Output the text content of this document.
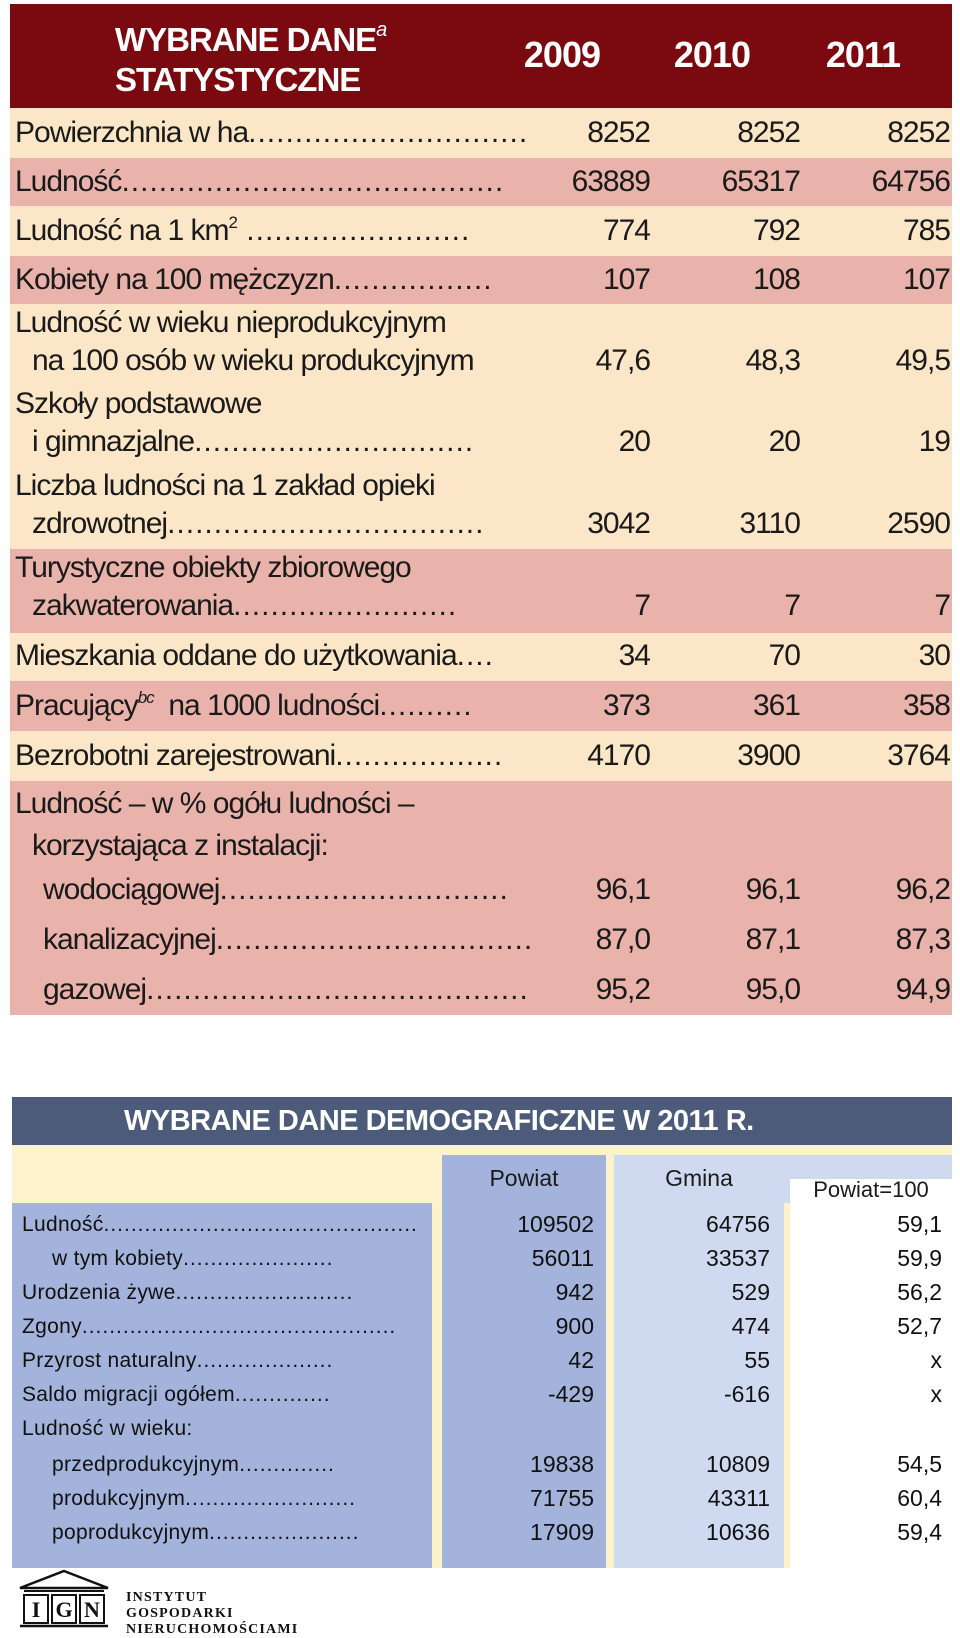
WYBRANE DANE$^a$
STATYSTYCZNE
2009	2010	2011
Powierzchnia w ha..............................	8252	8252	8252
Ludność.........................................	63889	65317	64756
Ludność na 1 $km^2$ ........................	774	792	785
Kobiety na 100 mężczyzn.................	107	108	107
Ludność w wieku nieprodukcyjnym
na 100 osób w wieku produkcyjnym	47,6	48,3	49,5
Szkoły podstawowe
i gimnazjalne..............................	20	20	19
Liczba ludności na 1 zakład opieki
zdrowotnej..................................	3042	3110	2590
Turystyczne obiekty zbiorowego
zakwaterowania........................	7	7	7
Mieszkania oddane do użytkowania....	34	70	30
Pracujący$^{bc}$ na 1000 ludności..........	373	361	358
Bezrobotni zarejestrowani..................	4170	3900	3764
Ludność – w % ogółu ludności –
korzystająca z instalacji:
wodociągowej...............................	96,1	96,1	96,2
kanalizacyjnej..................................	87,0	87,1	87,3
gazowej.........................................	95,2	95,0	94,9
WYBRANE DANE DEMOGRAFICZNE W 2011 R.
Powiat	Gmina	Powiat=100
Ludność..............................................	109502	64756	59,1
w tym kobiety......................	56011	33537	59,9
Urodzenia żywe..........................	942	529	56,2
Zgony..............................................	900	474	52,7
Przyrost naturalny....................	42	55	x
Saldo migracji ogółem..............	-429	-616	x
Ludność w wieku:
przedprodukcyjnym..............	19838	10809	54,5
produkcyjnym.........................	71755	43311	60,4
poprodukcyjnym......................	17909	10636	59,4
I G N INSTYTUT GOSPODARKI
NIERUCHOMOŚCIAMI
